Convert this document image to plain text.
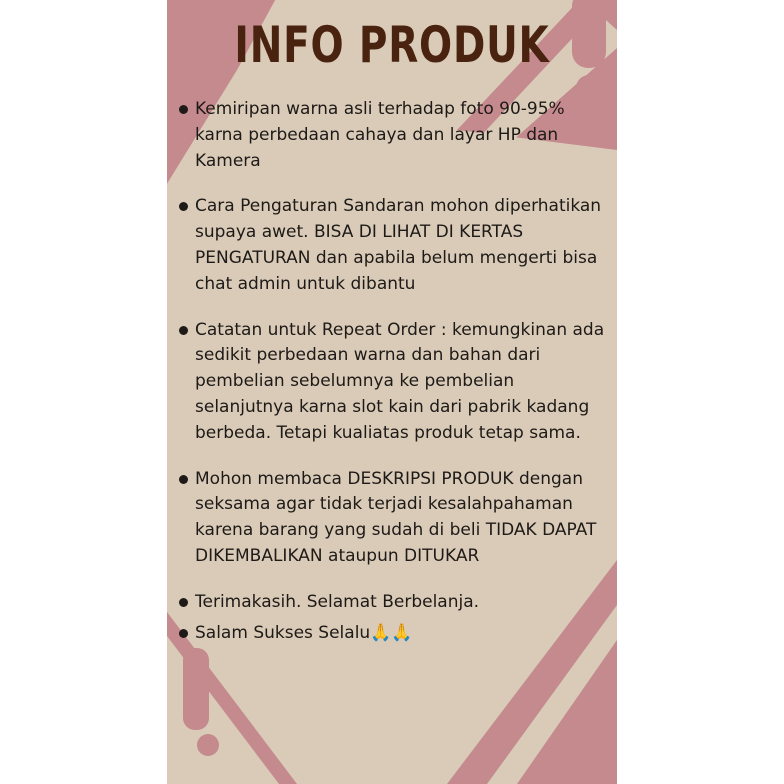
INFO PRODUK
Kemiripan warna asli terhadap foto 90-95% karna perbedaan cahaya dan layar HP dan Kamera
Cara Pengaturan Sandaran mohon diperhatikan supaya awet. BISA DI LIHAT DI KERTAS PENGATURAN dan apabila belum mengerti bisa chat admin untuk dibantu
Catatan untuk Repeat Order : kemungkinan ada sedikit perbedaan warna dan bahan dari pembelian sebelumnya ke pembelian selanjutnya karna slot kain dari pabrik kadang berbeda. Tetapi kualiatas produk tetap sama.
Mohon membaca DESKRIPSI PRODUK dengan seksama agar tidak terjadi kesalahpahaman karena barang yang sudah di beli TIDAK DAPAT DIKEMBALIKAN ataupun DITUKAR
Terimakasih. Selamat Berbelanja.
Salam Sukses Selalu🙏🙏
